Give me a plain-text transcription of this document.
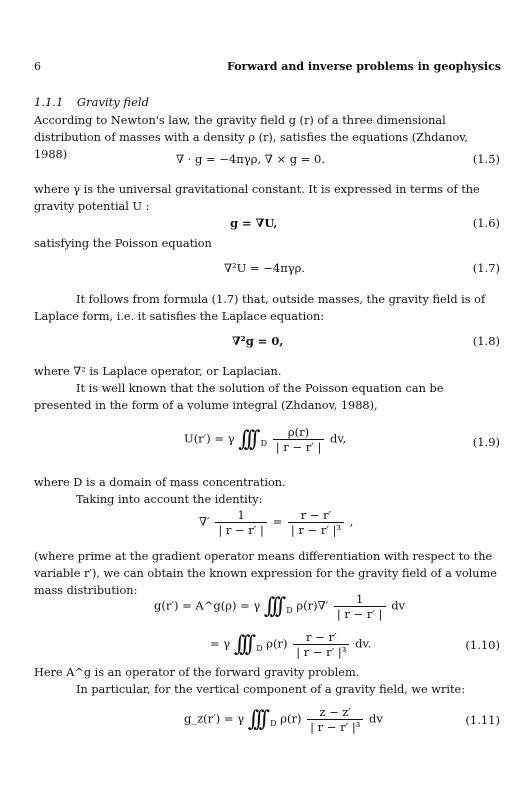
6	Forward and inverse problems in geophysics
1.1.1 Gravity field
According to Newton's law, the gravity field g (r) of a three dimensional distribution of masses with a density ρ (r), satisfies the equations (Zhdanov, 1988)	∇ · g = −4πγρ, ∇ × g = 0.	(1.5)
where γ is the universal gravitational constant. It is expressed in terms of the gravity potential U :
g = ∇U,	(1.6)
satisfying the Poisson equation
∇²U = −4πγρ.	(1.7)
It follows from formula (1.7) that, outside masses, the gravity field is of Laplace form, i.e. it satisfies the Laplace equation:
∇²g = 0,	(1.8)
where ∇² is Laplace operator, or Laplacian.
It is well known that the solution of the Poisson equation can be presented in the form of a volume integral (Zhdanov, 1988),
U(r′) = γ ∫∫∫ $_D \frac{\rho(r)}{| r - r' |}$ dv,	(1.9)
where D is a domain of mass concentration.
Taking into account the identity:
∇′ $\frac{1}{| r - r' |} = \frac{r - r'}{\text{| r − r′ |³}}$ ,
(where prime at the gradient operator means differentiation with respect to the variable r′), we can obtain the known expression for the gravity field of a volume mass distribution:
g(r′) = A^g(ρ) = γ ∫∫∫ $_D$ $\rho(r)\nabla' \frac{1}{| r - r' |}$ dv
= γ ∫∫∫ $_D$ $\rho(r) \frac{r - r'}{\text{| r − r′ |³}}$ dv.	(1.10)
Here A^g is an operator of the forward gravity problem.
In particular, for the vertical component of a gravity field, we write:
g_z(r′) = γ ∫∫∫ $_D$ $\rho(r) \frac{z - z'}{\text{| r − r′ |³}}$ dv	(1.11)
